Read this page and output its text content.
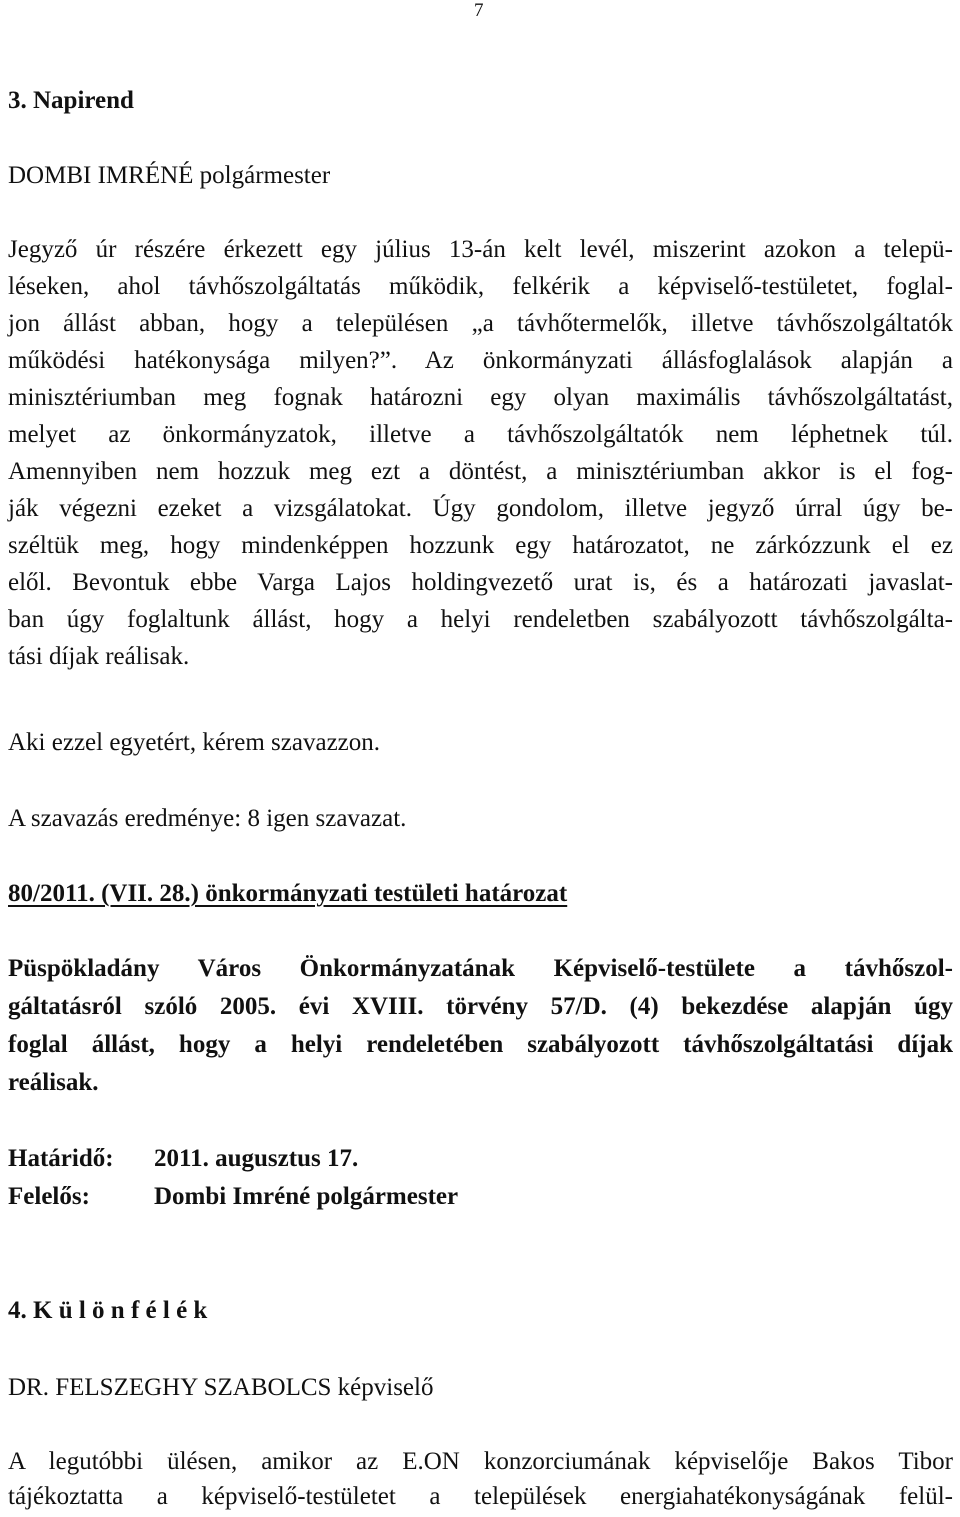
7
3. Napirend
DOMBI IMRÉNÉ polgármester
Jegyző úr részére érkezett egy július 13-án kelt levél, miszerint azokon a telepü-
léseken, ahol távhőszolgáltatás működik, felkérik a képviselő-testületet, foglal-
jon állást abban, hogy a településen „a távhőtermelők, illetve távhőszolgáltatók
működési hatékonysága milyen?”. Az önkormányzati állásfoglalások alapján a
minisztériumban meg fognak határozni egy olyan maximális távhőszolgáltatást,
melyet az önkormányzatok, illetve a távhőszolgáltatók nem léphetnek túl.
Amennyiben nem hozzuk meg ezt a döntést, a minisztériumban akkor is el fog-
ják végezni ezeket a vizsgálatokat. Úgy gondolom, illetve jegyző úrral úgy be-
széltük meg, hogy mindenképpen hozzunk egy határozatot, ne zárkózzunk el ez
elől. Bevontuk ebbe Varga Lajos holdingvezető urat is, és a határozati javaslat-
ban úgy foglaltunk állást, hogy a helyi rendeletben szabályozott távhőszolgálta-
tási díjak reálisak.
Aki ezzel egyetért, kérem szavazzon.
A szavazás eredménye: 8 igen szavazat.
80/2011. (VII. 28.) önkormányzati testületi határozat
Püspökladány Város Önkormányzatának Képviselő-testülete a távhőszol-
gáltatásról szóló 2005. évi XVIII. törvény 57/D. (4) bekezdése alapján úgy
foglal állást, hogy a helyi rendeletében szabályozott távhőszolgáltatási díjak
reálisak.
Határidő: 2011. augusztus 17.
Felelős:	Dombi Imréné polgármester
4. K ü l ö n f é l é k
DR. FELSZEGHY SZABOLCS képviselő
A legutóbbi ülésen, amikor az E.ON konzorciumának képviselője Bakos Tibor
tájékoztatta a képviselő-testületet a települések energiahatékonyságának felül-
